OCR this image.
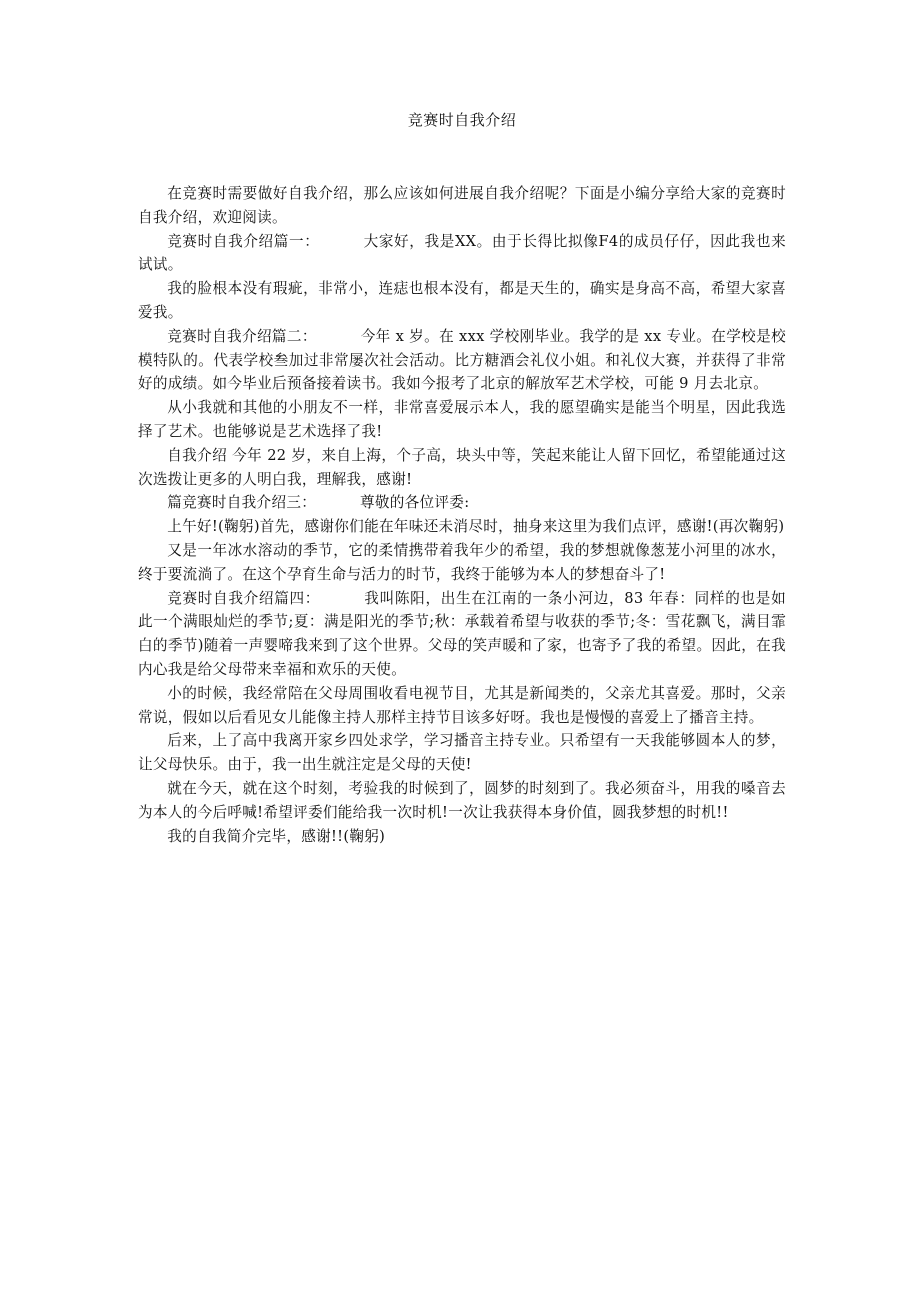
竞赛时自我介绍

在竞赛时需要做好自我介绍，那么应该如何进展自我介绍呢？下面是小编分享给大家的竞赛时自我介绍，欢迎阅读。

竞赛时自我介绍篇一：	大家好，我是XX。由于长得比拟像F4的成员仔仔，因此我也来试试。

我的脸根本没有瑕疵，非常小，连痣也根本没有，都是天生的，确实是身高不高，希望大家喜爱我。

竞赛时自我介绍篇二：	今年 x 岁。在 xxx 学校刚毕业。我学的是 xx 专业。在学校是校模特队的。代表学校叁加过非常屡次社会活动。比方糖酒会礼仪小姐。和礼仪大赛，并获得了非常好的成绩。如今毕业后预备接着读书。我如今报考了北京的解放军艺术学校，可能 9 月去北京。

从小我就和其他的小朋友不一样，非常喜爱展示本人，我的愿望确实是能当个明星，因此我选择了艺术。也能够说是艺术选择了我!

自我介绍 今年 22 岁，来自上海，个子高，块头中等，笑起来能让人留下回忆，希望能通过这次选拨让更多的人明白我，理解我，感谢!

篇竞赛时自我介绍三：	尊敬的各位评委:

上午好!(鞠躬)首先，感谢你们能在年味还未消尽时，抽身来这里为我们点评，感谢!(再次鞠躬)

又是一年冰水溶动的季节，它的柔情携带着我年少的希望，我的梦想就像葱茏小河里的冰水，终于要流淌了。在这个孕育生命与活力的时节，我终于能够为本人的梦想奋斗了!

竞赛时自我介绍篇四：	我叫陈阳，出生在江南的一条小河边，83 年春：同样的也是如此一个满眼灿烂的季节;夏：满是阳光的季节;秋：承载着希望与收获的季节;冬：雪花飘飞，满目霏白的季节)随着一声婴啼我来到了这个世界。父母的笑声暖和了家，也寄予了我的希望。因此，在我内心我是给父母带来幸福和欢乐的天使。

小的时候，我经常陪在父母周围收看电视节目，尤其是新闻类的，父亲尤其喜爱。那时，父亲常说，假如以后看见女儿能像主持人那样主持节目该多好呀。我也是慢慢的喜爱上了播音主持。

后来，上了高中我离开家乡四处求学，学习播音主持专业。只希望有一天我能够圆本人的梦，让父母快乐。由于，我一出生就注定是父母的天使!

就在今天，就在这个时刻，考验我的时候到了，圆梦的时刻到了。我必须奋斗，用我的嗓音去为本人的今后呼喊!希望评委们能给我一次时机!一次让我获得本身价值，圆我梦想的时机!!

我的自我简介完毕，感谢!!(鞠躬)
